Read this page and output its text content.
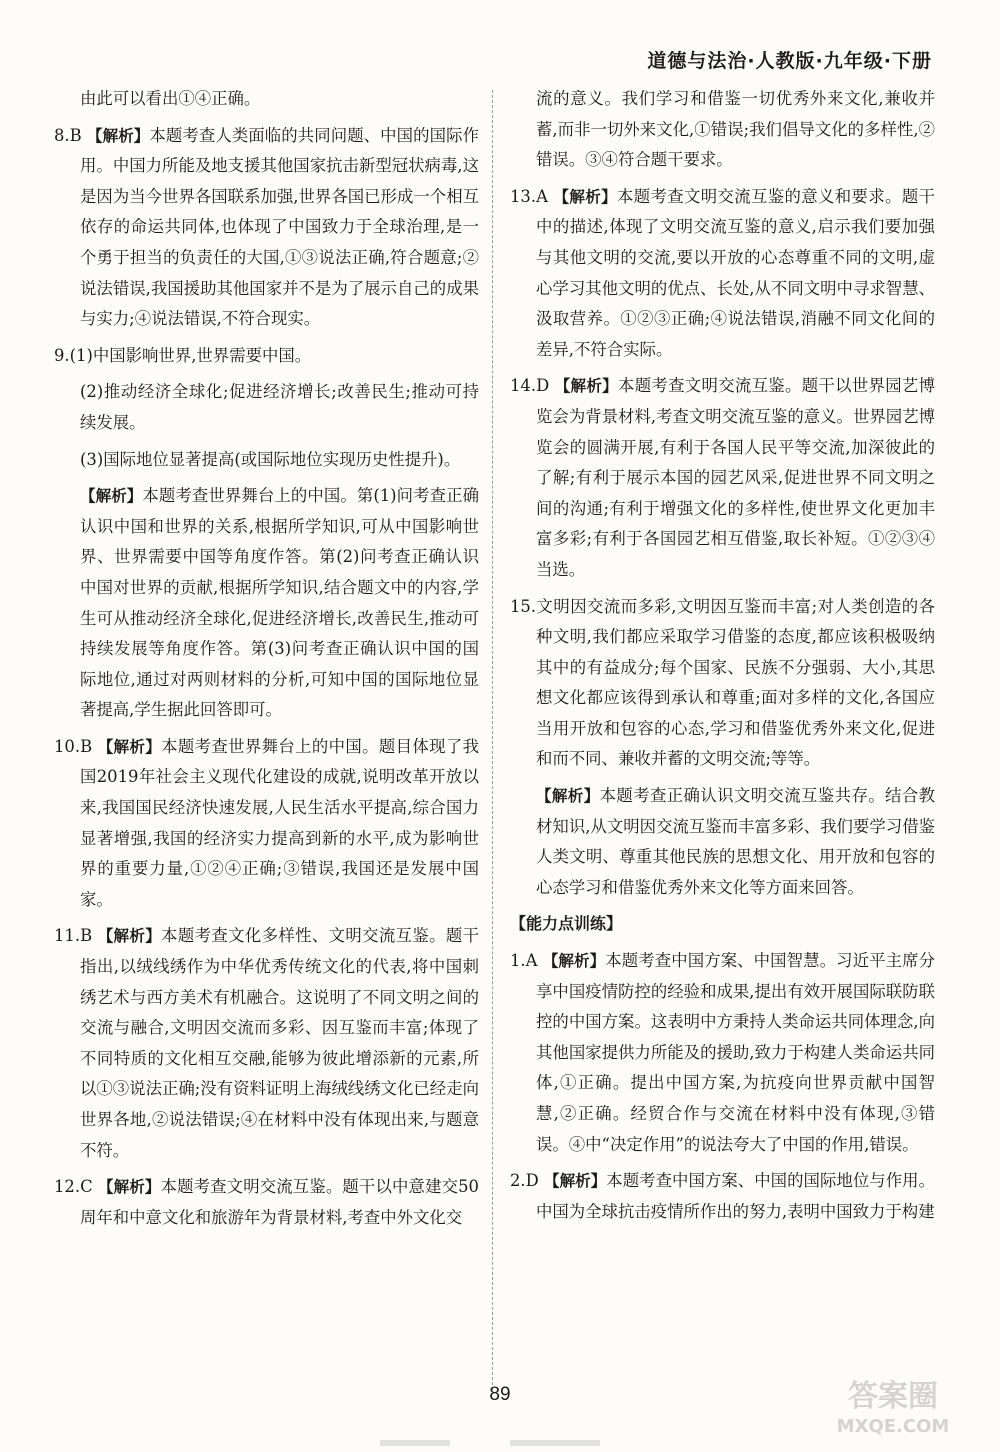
道德与法治·人教版·九年级·下册

由此可以看出①④正确。

8.B 【解析】本题考查人类面临的共同问题、中国的国际作用。中国力所能及地支援其他国家抗击新型冠状病毒,这是因为当今世界各国联系加强,世界各国已形成一个相互依存的命运共同体,也体现了中国致力于全球治理,是一个勇于担当的负责任的大国,①③说法正确,符合题意;②说法错误,我国援助其他国家并不是为了展示自己的成果与实力;④说法错误,不符合现实。

9.(1)中国影响世界,世界需要中国。

(2)推动经济全球化;促进经济增长;改善民生;推动可持续发展。

(3)国际地位显著提高(或国际地位实现历史性提升)。

【解析】本题考查世界舞台上的中国。第(1)问考查正确认识中国和世界的关系,根据所学知识,可从中国影响世界、世界需要中国等角度作答。第(2)问考查正确认识中国对世界的贡献,根据所学知识,结合题文中的内容,学生可从推动经济全球化,促进经济增长,改善民生,推动可持续发展等角度作答。第(3)问考查正确认识中国的国际地位,通过对两则材料的分析,可知中国的国际地位显著提高,学生据此回答即可。

10.B 【解析】本题考查世界舞台上的中国。题目体现了我国2019年社会主义现代化建设的成就,说明改革开放以来,我国国民经济快速发展,人民生活水平提高,综合国力显著增强,我国的经济实力提高到新的水平,成为影响世界的重要力量,①②④正确;③错误,我国还是发展中国家。

11.B 【解析】本题考查文化多样性、文明交流互鉴。题干指出,以绒线绣作为中华优秀传统文化的代表,将中国刺绣艺术与西方美术有机融合。这说明了不同文明之间的交流与融合,文明因交流而多彩、因互鉴而丰富;体现了不同特质的文化相互交融,能够为彼此增添新的元素,所以①③说法正确;没有资料证明上海绒线绣文化已经走向世界各地,②说法错误;④在材料中没有体现出来,与题意不符。

12.C 【解析】本题考查文明交流互鉴。题干以中意建交50周年和中意文化和旅游年为背景材料,考查中外文化交

流的意义。我们学习和借鉴一切优秀外来文化,兼收并蓄,而非一切外来文化,①错误;我们倡导文化的多样性,②错误。③④符合题干要求。

13.A 【解析】本题考查文明交流互鉴的意义和要求。题干中的描述,体现了文明交流互鉴的意义,启示我们要加强与其他文明的交流,要以开放的心态尊重不同的文明,虚心学习其他文明的优点、长处,从不同文明中寻求智慧、汲取营养。①②③正确;④说法错误,消融不同文化间的差异,不符合实际。

14.D 【解析】本题考查文明交流互鉴。题干以世界园艺博览会为背景材料,考查文明交流互鉴的意义。世界园艺博览会的圆满开展,有利于各国人民平等交流,加深彼此的了解;有利于展示本国的园艺风采,促进世界不同文明之间的沟通;有利于增强文化的多样性,使世界文化更加丰富多彩;有利于各国园艺相互借鉴,取长补短。①②③④当选。

15.文明因交流而多彩,文明因互鉴而丰富;对人类创造的各种文明,我们都应采取学习借鉴的态度,都应该积极吸纳其中的有益成分;每个国家、民族不分强弱、大小,其思想文化都应该得到承认和尊重;面对多样的文化,各国应当用开放和包容的心态,学习和借鉴优秀外来文化,促进和而不同、兼收并蓄的文明交流;等等。

【解析】本题考查正确认识文明交流互鉴共存。结合教材知识,从文明因交流互鉴而丰富多彩、我们要学习借鉴人类文明、尊重其他民族的思想文化、用开放和包容的心态学习和借鉴优秀外来文化等方面来回答。

【能力点训练】

1.A 【解析】本题考查中国方案、中国智慧。习近平主席分享中国疫情防控的经验和成果,提出有效开展国际联防联控的中国方案。这表明中方秉持人类命运共同体理念,向其他国家提供力所能及的援助,致力于构建人类命运共同体,①正确。提出中国方案,为抗疫向世界贡献中国智慧,②正确。经贸合作与交流在材料中没有体现,③错误。④中“决定作用”的说法夸大了中国的作用,错误。

2.D 【解析】本题考查中国方案、中国的国际地位与作用。中国为全球抗击疫情所作出的努力,表明中国致力于构建

89	答案圈
MXQE.COM
